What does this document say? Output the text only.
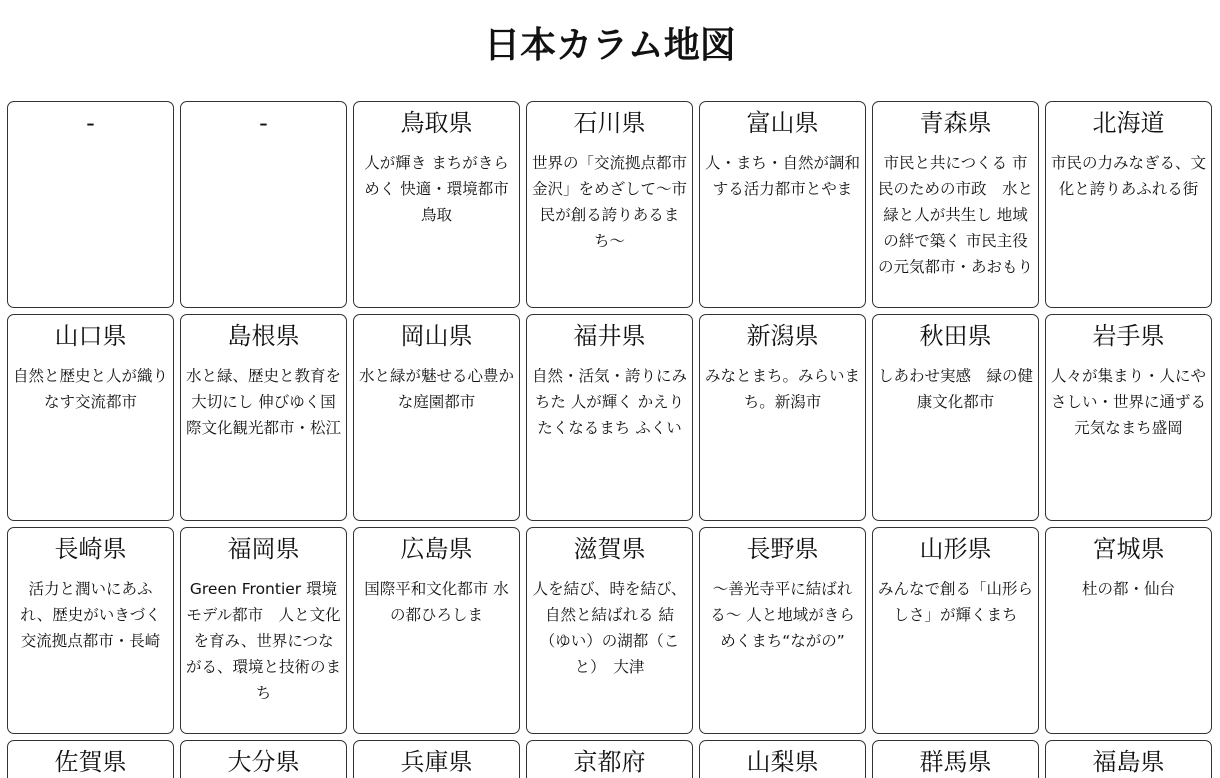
日本カラム地図
-	-	鳥取県
人が輝き まちがきらめく 快適・環境都市 鳥取
石川県
世界の「交流拠点都市金沢」をめざして〜市民が創る誇りあるまち〜
富山県
人・まち・自然が調和する活力都市とやま
青森県
市民と共につくる 市民のための市政　水と緑と人が共生し 地域の絆で築く 市民主役の元気都市・あおもり
北海道
市民の力みなぎる、文化と誇りあふれる街
山口県
自然と歴史と人が織りなす交流都市
島根県
水と緑、歴史と教育を大切にし 伸びゆく国際文化観光都市・松江
岡山県
水と緑が魅せる心豊かな庭園都市
福井県
自然・活気・誇りにみちた 人が輝く かえりたくなるまち ふくい
新潟県
みなとまち。みらいまち。新潟市
秋田県
しあわせ実感　緑の健康文化都市
岩手県
人々が集まり・人にやさしい・世界に通ずる元気なまち盛岡
長崎県
活力と潤いにあふれ、歴史がいきづく交流拠点都市・長崎
福岡県
Green Frontier 環境モデル都市　人と文化を育み、世界につながる、環境と技術のまち
広島県
国際平和文化都市 水の都ひろしま
滋賀県
人を結び、時を結び、自然と結ばれる 結（ゆい）の湖都（こと）　大津
長野県
〜善光寺平に結ばれる〜 人と地域がきらめくまち“ながの”
山形県
みんなで創る「山形らしさ」が輝くまち
宮城県
杜の都・仙台
佐賀県	大分県	兵庫県	京都府	山梨県	群馬県	福島県
